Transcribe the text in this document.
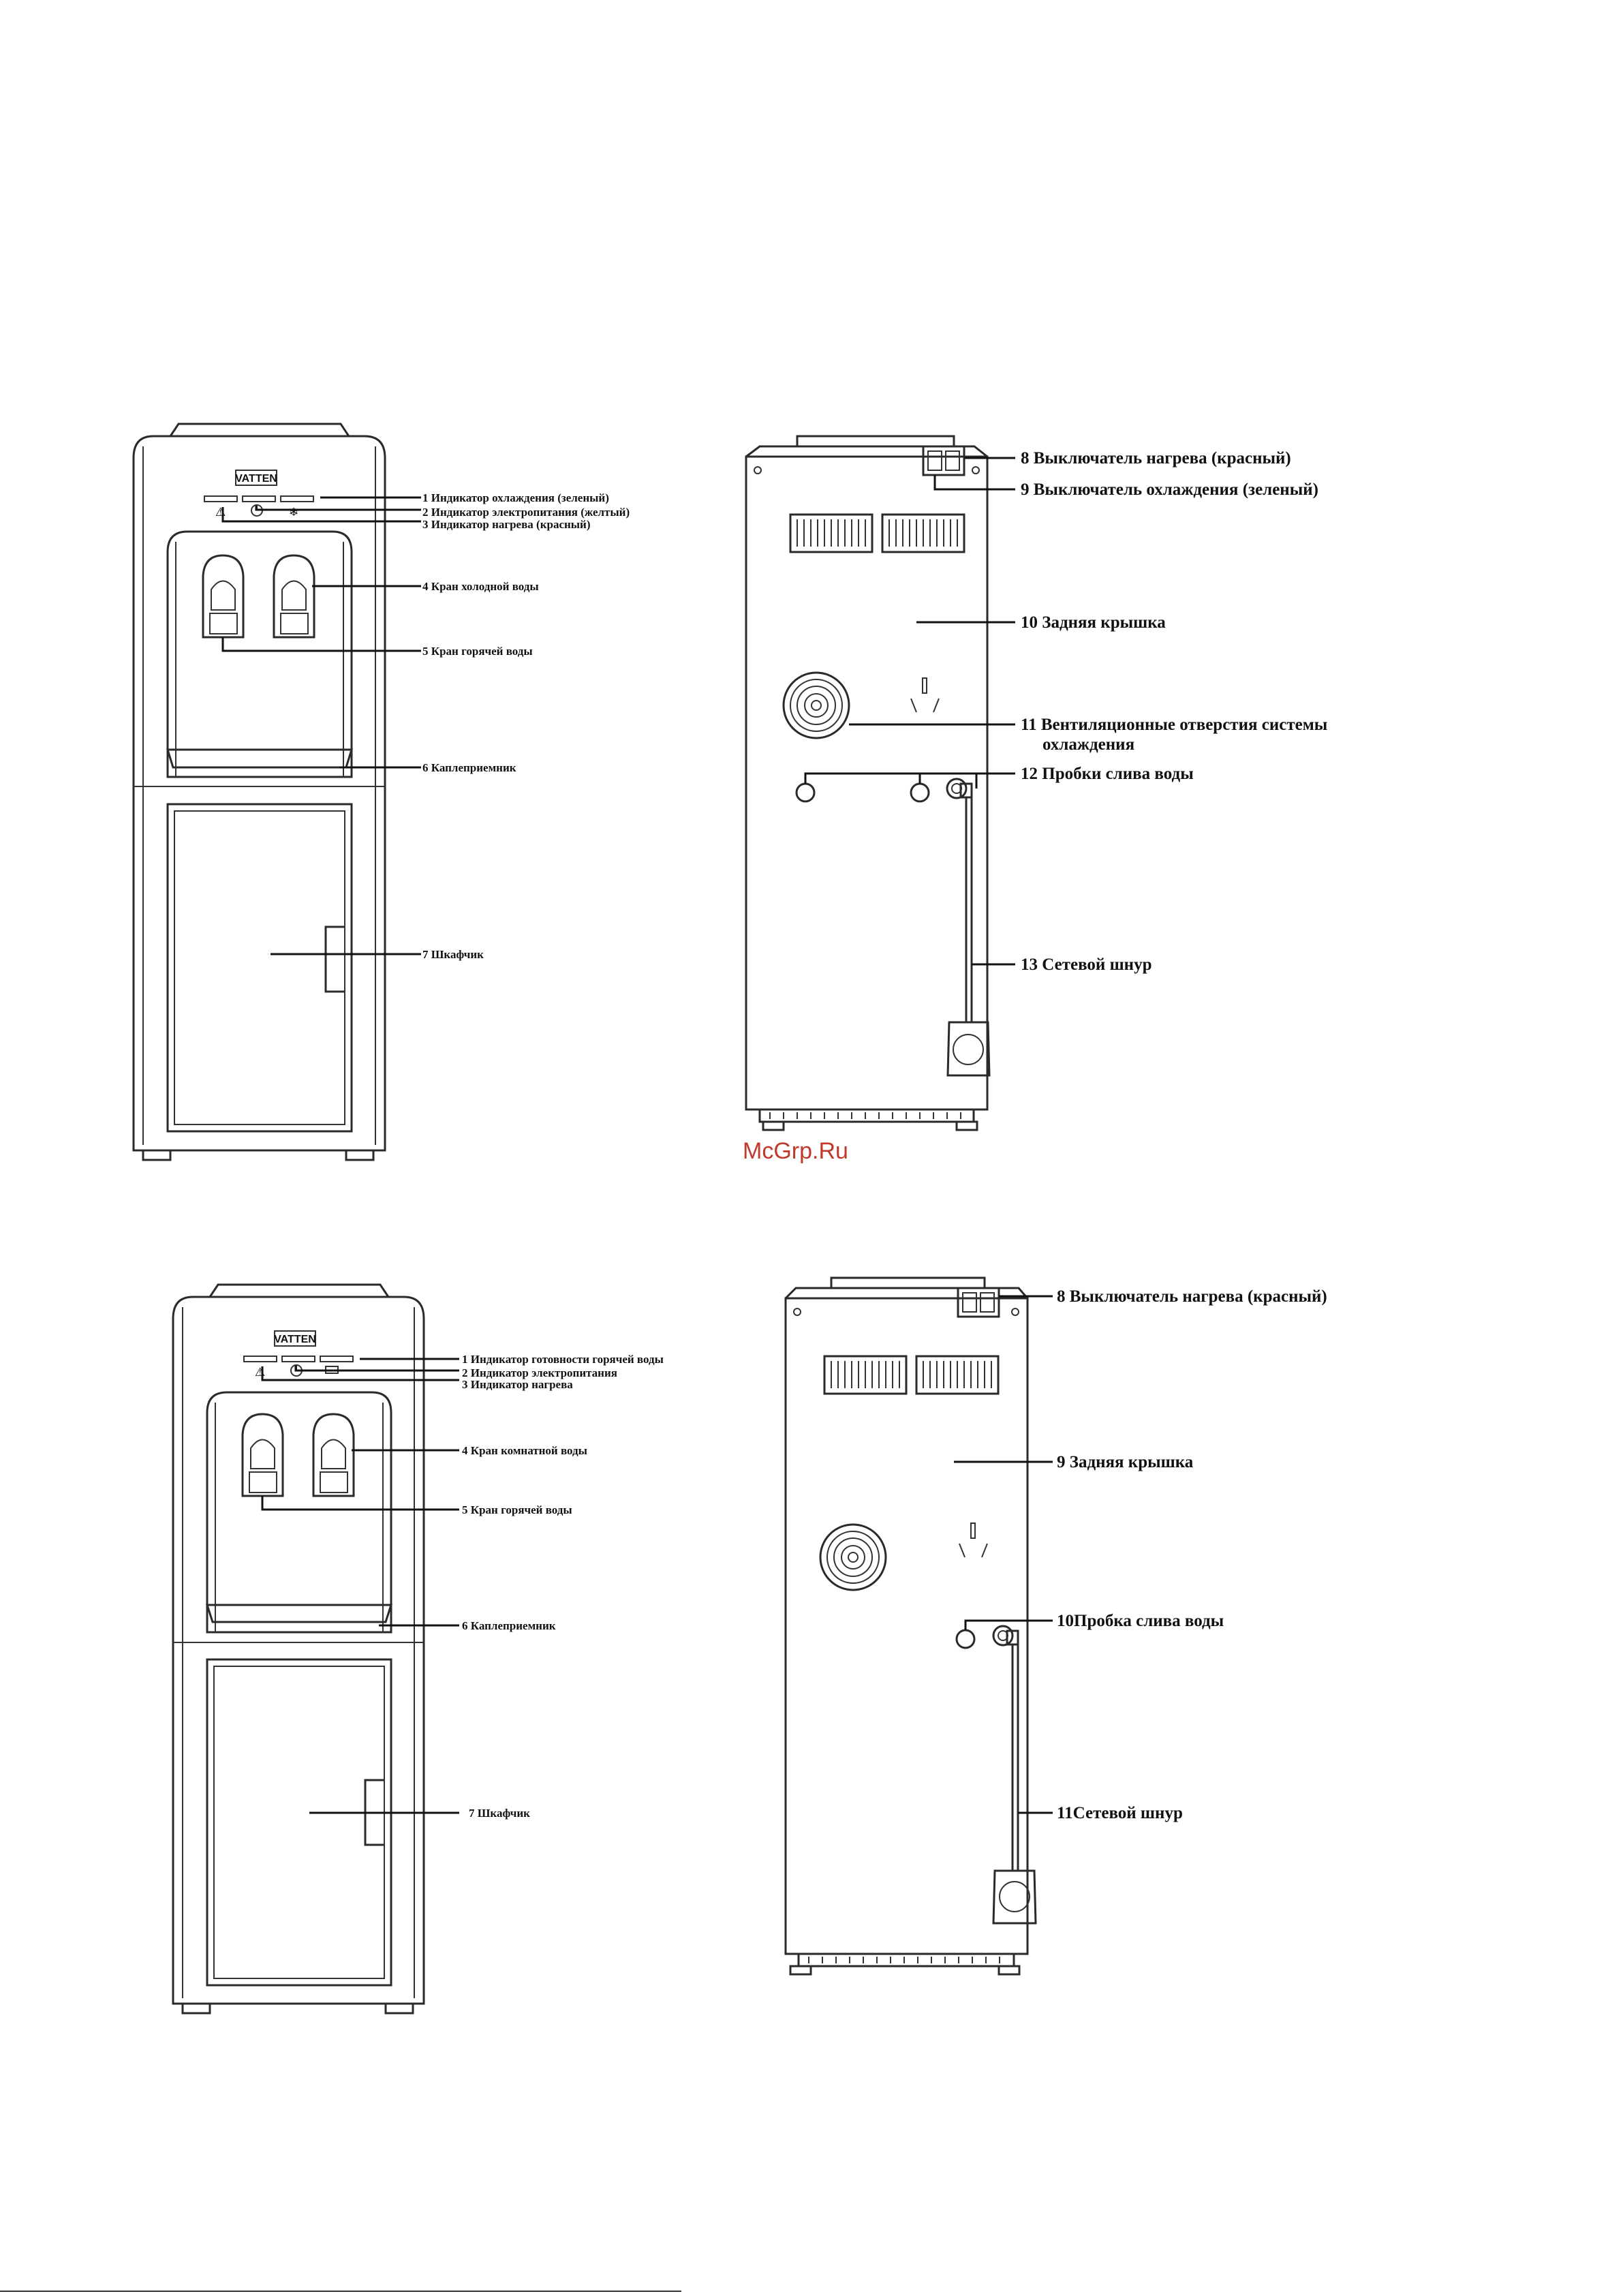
VATTEN
⚠	❄
1 Индикатор охлаждения (зеленый)
2 Индикатор электропитания (желтый)
3 Индикатор нагрева (красный)
4 Кран холодной воды
5 Кран горячей воды
6 Каплеприемник
7 Шкафчик
8 Выключатель нагрева (красный)
9 Выключатель охлаждения (зеленый)
10 Задняя крышка
11 Вентиляционные отверстия системы
охлаждения
12 Пробки слива воды
13 Сетевой шнур
McGrp.Ru
VATTEN
⚠
1 Индикатор готовности горячей воды
2 Индикатор электропитания
3 Индикатор нагрева
4 Кран комнатной воды
5 Кран горячей воды
6 Каплеприемник
7 Шкафчик
8 Выключатель нагрева (красный)
9 Задняя крышка
10Пробка слива воды
11Сетевой шнур
